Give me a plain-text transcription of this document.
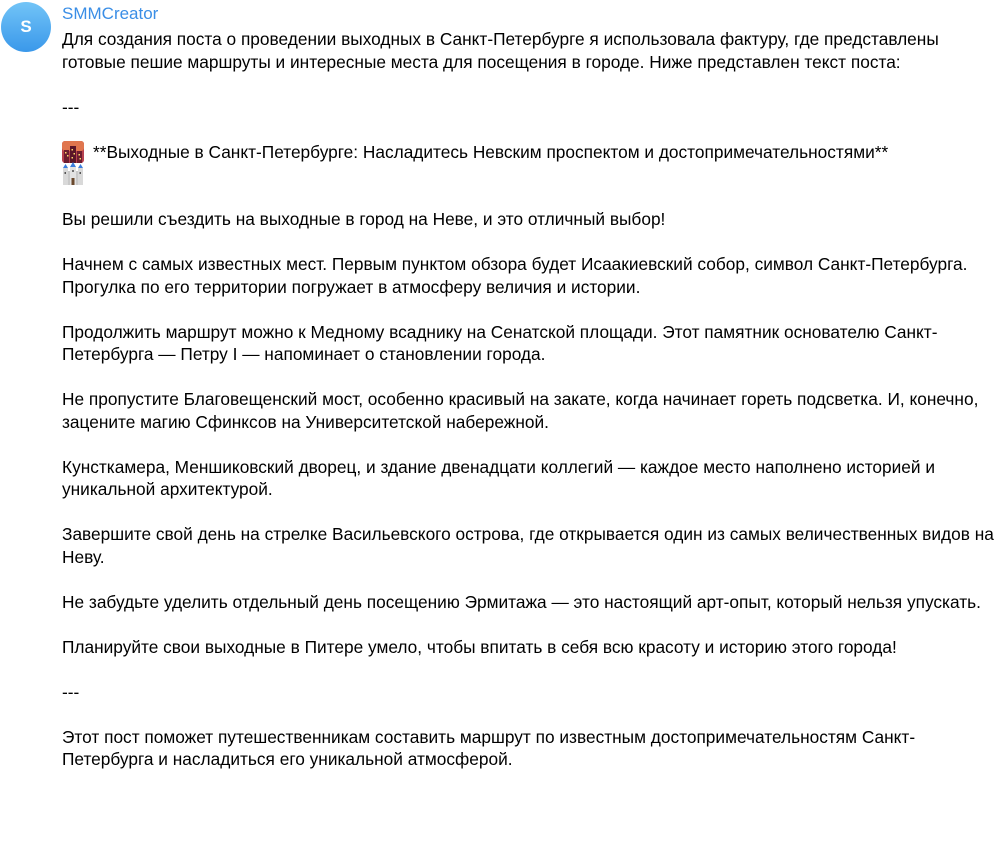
S
SMMCreator

Для создания поста о проведении выходных в Санкт-Петербурге я использовала фактуру, где представлены готовые пешие маршруты и интересные места для посещения в городе. Ниже представлен текст поста:

---

**Выходные в Санкт-Петербурге: Насладитесь Невским проспектом и достопримечательностями**

Вы решили съездить на выходные в город на Неве, и это отличный выбор!

Начнем с самых известных мест. Первым пунктом обзора будет Исаакиевский собор, символ Санкт-Петербурга. Прогулка по его территории погружает в атмосферу величия и истории.

Продолжить маршрут можно к Медному всаднику на Сенатской площади. Этот памятник основателю Санкт-Петербурга — Петру I — напоминает о становлении города.

Не пропустите Благовещенский мост, особенно красивый на закате, когда начинает гореть подсветка. И, конечно, зацените магию Сфинксов на Университетской набережной.

Кунсткамера, Меншиковский дворец, и здание двенадцати коллегий — каждое место наполнено историей и уникальной архитектурой.

Завершите свой день на стрелке Васильевского острова, где открывается один из самых величественных видов на Неву.

Не забудьте уделить отдельный день посещению Эрмитажа — это настоящий арт-опыт, который нельзя упускать.

Планируйте свои выходные в Питере умело, чтобы впитать в себя всю красоту и историю этого города!

---

Этот пост поможет путешественникам составить маршрут по известным достопримечательностям Санкт-Петербурга и насладиться его уникальной атмосферой.
